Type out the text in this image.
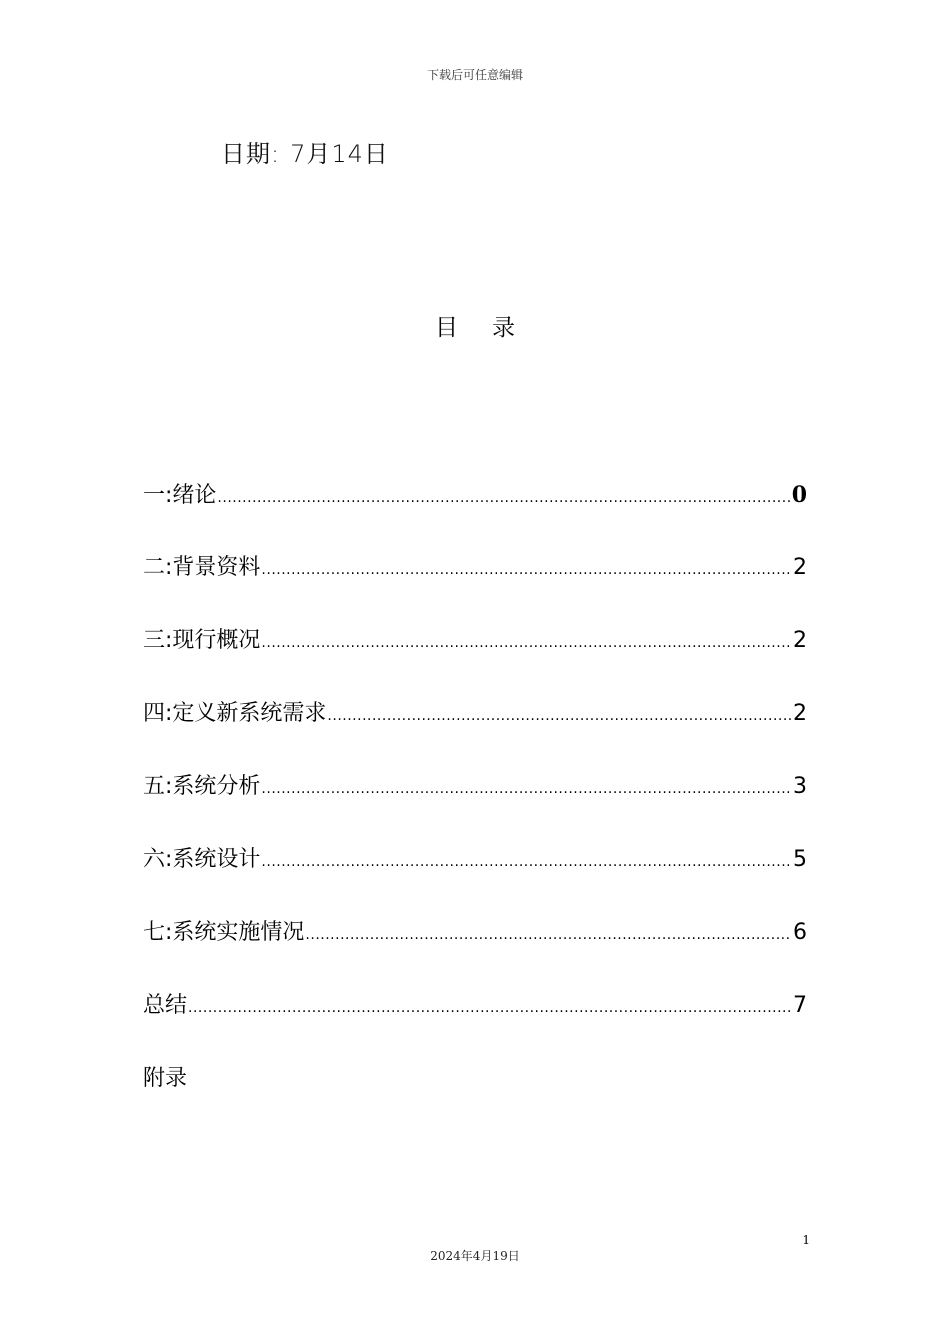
下载后可任意编辑
日期: 7月14日
目录
一:绪论 .....	0
二:背景资料 .....	2
三:现行概况 .....	2
四:定义新系统需求 .....	2
五:系统分析 .....	3
六:系统设计 .....	5
七:系统实施情况 .....	6
总结 .....	7
附录
1
2024年4月19日
